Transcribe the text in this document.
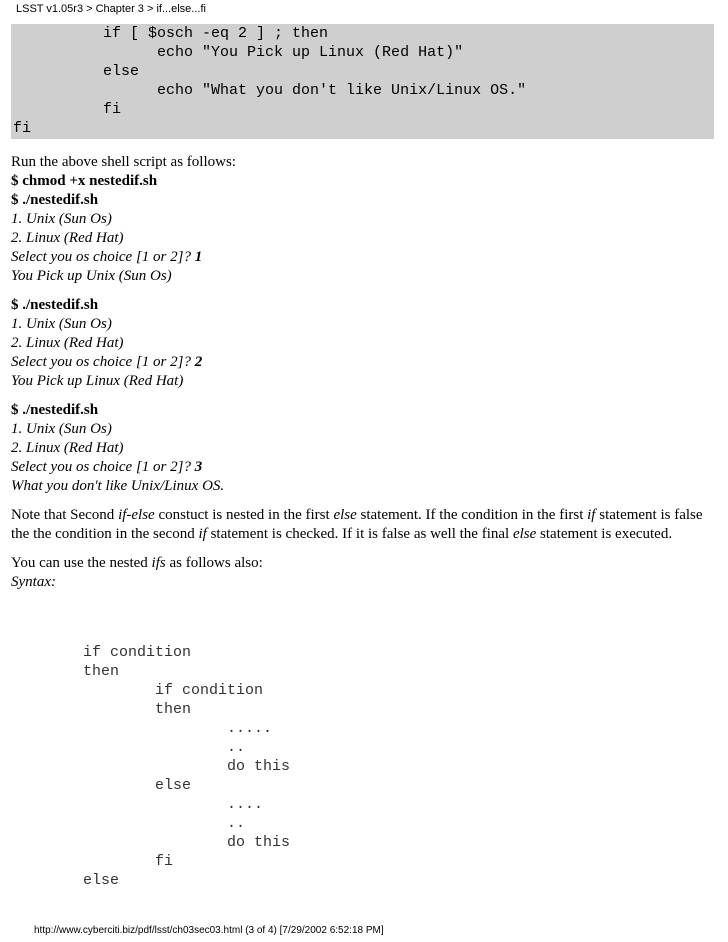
LSST v1.05r3 > Chapter 3 > if...else...fi
if [ $osch -eq 2 ] ; then
echo "You Pick up Linux (Red Hat)"
else
echo "What you don't like Unix/Linux OS."
fi
fi

Run the above shell script as follows:

$ chmod +x nestedif.sh

$ ./nestedif.sh

1. Unix (Sun Os)

2. Linux (Red Hat)

Select you os choice [1 or 2]? 1

You Pick up Unix (Sun Os)

$ ./nestedif.sh

1. Unix (Sun Os)

2. Linux (Red Hat)

Select you os choice [1 or 2]? 2

You Pick up Linux (Red Hat)

$ ./nestedif.sh

1. Unix (Sun Os)

2. Linux (Red Hat)

Select you os choice [1 or 2]? 3

What you don't like Unix/Linux OS.

Note that Second if-else constuct is nested in the first else statement. If the condition in the first if statement is false the the condition in the second if statement is checked. If it is false as well the final else statement is executed.

You can use the nested ifs as follows also:

Syntax:

if condition
then
if condition
then
.....
..
do this
else
....
..
do this
fi
else
http://www.cyberciti.biz/pdf/lsst/ch03sec03.html (3 of 4) [7/29/2002 6:52:18 PM]
